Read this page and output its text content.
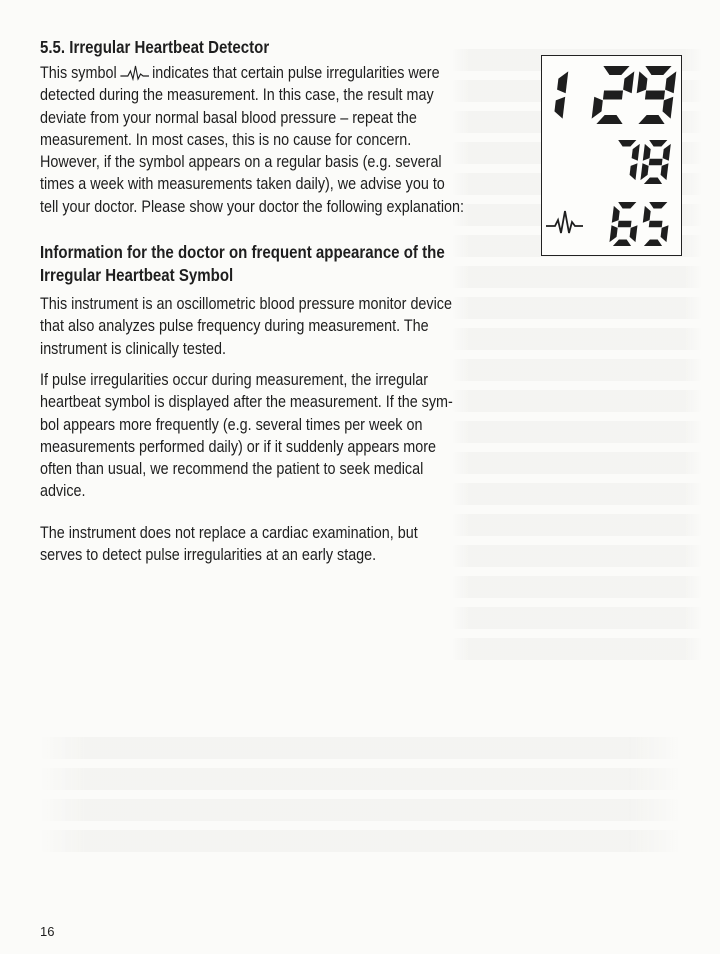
5.5. Irregular Heartbeat Detector

This symbol indicates that certain pulse irregularities were
detected during the measurement. In this case, the result may
deviate from your normal basal blood pressure – repeat the
measurement. In most cases, this is no cause for concern.
However, if the symbol appears on a regular basis (e.g. several
times a week with measurements taken daily), we advise you to
tell your doctor. Please show your doctor the following explanation:

Information for the doctor on frequent appearance of the
Irregular Heartbeat Symbol

This instrument is an oscillometric blood pressure monitor device
that also analyzes pulse frequency during measurement. The
instrument is clinically tested.

If pulse irregularities occur during measurement, the irregular
heartbeat symbol is displayed after the measurement. If the sym-
bol appears more frequently (e.g. several times per week on
measurements performed daily) or if it suddenly appears more
often than usual, we recommend the patient to seek medical
advice.

The instrument does not replace a cardiac examination, but
serves to detect pulse irregularities at an early stage.

16
